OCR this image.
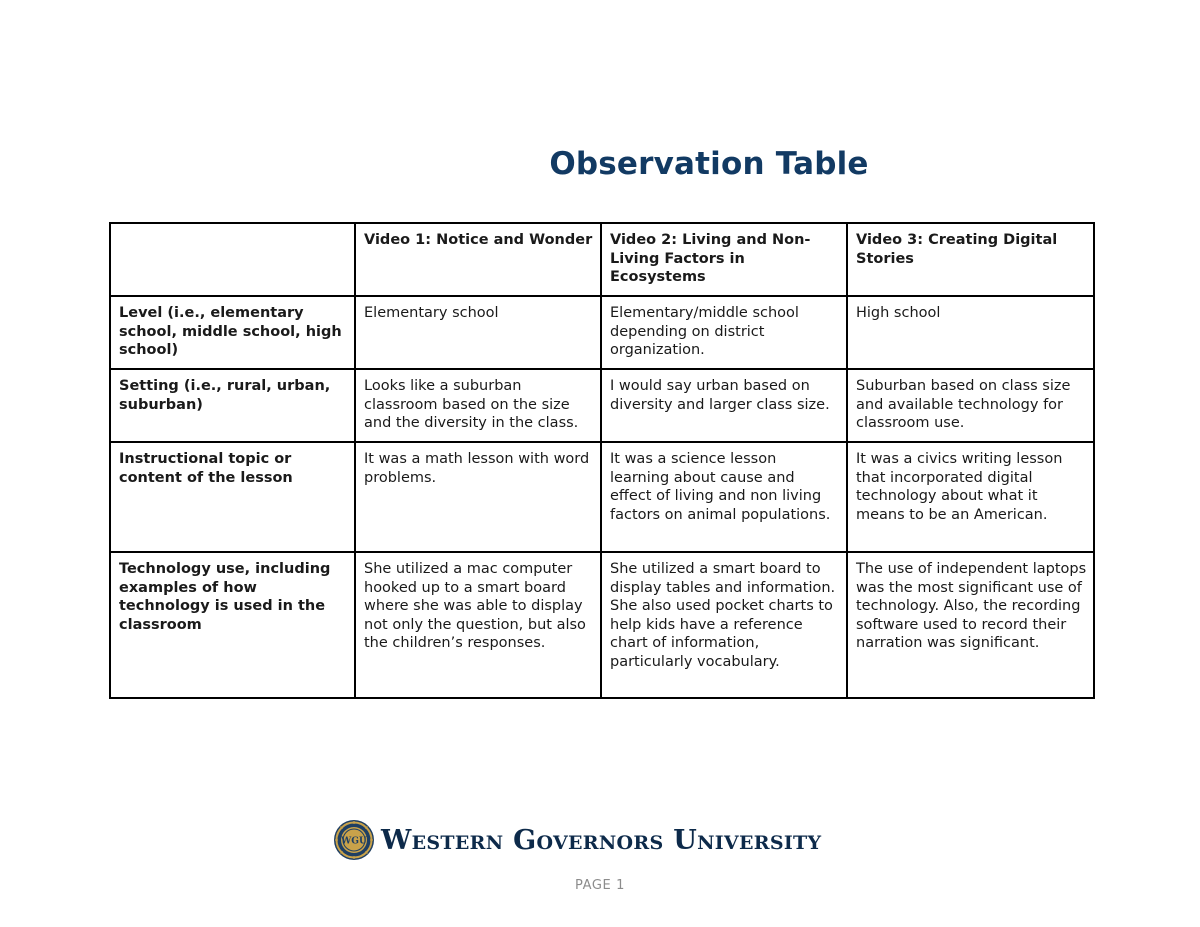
Observation Table
	Video 1: Notice and Wonder	Video 2: Living and Non-Living Factors in Ecosystems	Video 3: Creating Digital Stories
Level (i.e., elementary school, middle school, high school)	Elementary school	Elementary/middle school depending on district organization.	High school
Setting (i.e., rural, urban, suburban)	Looks like a suburban classroom based on the size and the diversity in the class.	I would say urban based on diversity and larger class size.	Suburban based on class size and available technology for classroom use.
Instructional topic or content of the lesson	It was a math lesson with word problems.	It was a science lesson learning about cause and effect of living and non living factors on animal populations.	It was a civics writing lesson that incorporated digital technology about what it means to be an American.
Technology use, including examples of how technology is used in the classroom	She utilized a mac computer hooked up to a smart board where she was able to display not only the question, but also the children’s responses.	She utilized a smart board to display tables and information. She also used pocket charts to help kids have a reference chart of information, particularly vocabulary.	The use of independent laptops was the most significant use of technology. Also, the recording software used to record their narration was significant.
WGU Western Governors University
PAGE 1
